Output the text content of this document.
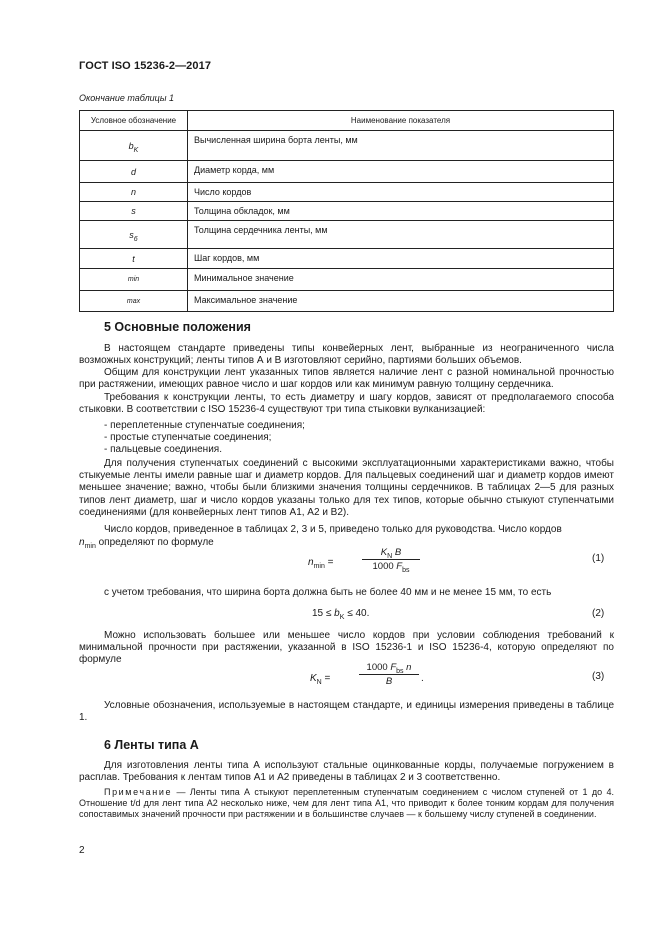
ГОСТ ISO 15236-2—2017
Окончание таблицы 1
Условное обозначение	Наименование показателя
$b_K$	Вычисленная ширина борта ленты, мм
d	Диаметр корда, мм
n	Число кордов
s	Толщина обкладок, мм
$s_6$	Толщина сердечника ленты, мм
t	Шаг кордов, мм
min	Минимальное значение
max	Максимальное значение
5 Основные положения
В настоящем стандарте приведены типы конвейерных лент, выбранные из неограниченного числа возможных конструкций; ленты типов А и В изготовляют серийно, партиями больших объемов.
Общим для конструкции лент указанных типов является наличие лент с разной номинальной прочностью при растяжении, имеющих равное число и шаг кордов или как минимум равную толщину сердечника.
Требования к конструкции ленты, то есть диаметру и шагу кордов, зависят от предполагаемого способа стыковки. В соответствии с ISO 15236-4 существуют три типа стыковки вулканизацией:
- переплетенные ступенчатые соединения;
- простые ступенчатые соединения;
- пальцевые соединения.
Для получения ступенчатых соединений с высокими эксплуатационными характеристиками важно, чтобы стыкуемые ленты имели равные шаг и диаметр кордов. Для пальцевых соединений шаг и диаметр кордов имеют меньшее значение; важно, чтобы были близкими значения толщины сердечников. В таблицах 2—5 для разных типов лент диаметр, шаг и число кордов указаны только для тех типов, которые обычно стыкуют ступенчатыми соединениями (для конвейерных лент типов А1, А2 и В2).
Число кордов, приведенное в таблицах 2, 3 и 5, приведено только для руководства. Число кордов
$n_{min}$ определяют по формуле
$n_{min}$ =
$K_N$ B
1000 $F_{bs}$
(1)
с учетом требования, что ширина борта должна быть не более 40 мм и не менее 15 мм, то есть
$15 \le b_K \le 40$.	(2)
Можно использовать большее или меньшее число кордов при условии соблюдения требований к минимальной прочности при растяжении, указанной в ISO 15236-1 и ISO 15236-4, которую определяют по формуле
$K_N$ =
1000 $F_{bs}$ n
B	.	(3)
Условные обозначения, используемые в настоящем стандарте, и единицы измерения приведены в таблице 1.
6 Ленты типа А
Для изготовления ленты типа А используют стальные оцинкованные корды, получаемые погружением в расплав. Требования к лентам типов А1 и А2 приведены в таблицах 2 и 3 соответственно.
Примечание — Ленты типа А стыкуют переплетенным ступенчатым соединением с числом ступеней от 1 до 4. Отношение t/d для лент типа А2 несколько ниже, чем для лент типа А1, что приводит к более тонким кордам для получения сопоставимых значений прочности при растяжении и в большинстве случаев — к большему числу ступеней в соединении.
2
